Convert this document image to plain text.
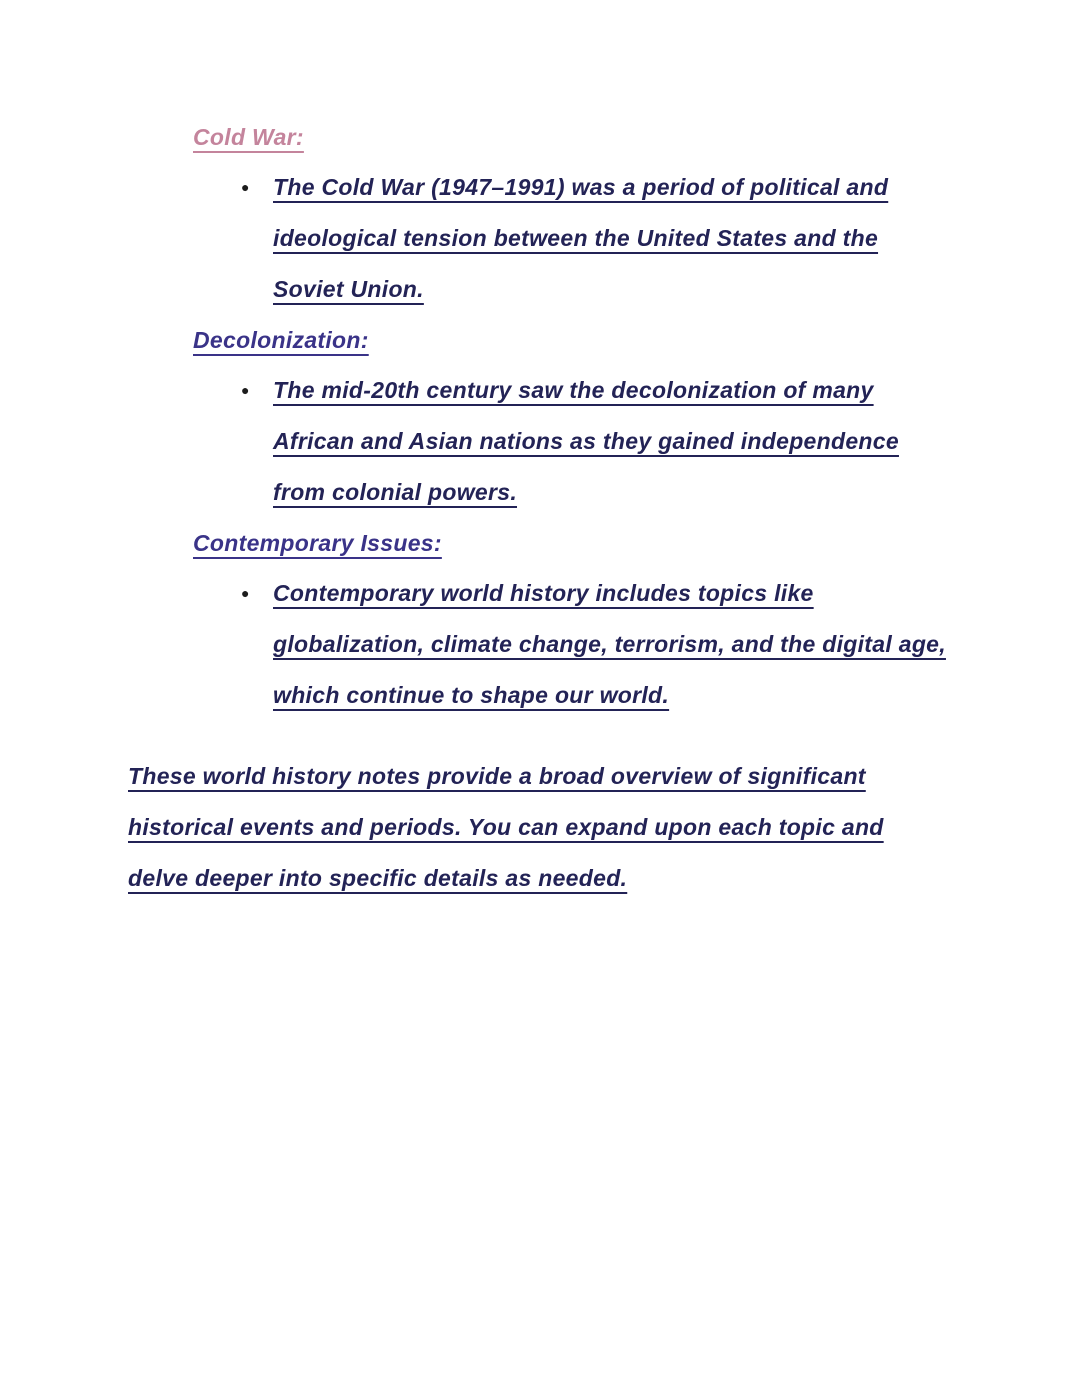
Cold War:
● The Cold War (1947–1991) was a period of political and ideological tension between the United States and the Soviet Union.
Decolonization:
● The mid-20th century saw the decolonization of many African and Asian nations as they gained independence from colonial powers.
Contemporary Issues:
● Contemporary world history includes topics like globalization, climate change, terrorism, and the digital age, which continue to shape our world.

These world history notes provide a broad overview of significant historical events and periods. You can expand upon each topic and delve deeper into specific details as needed.
